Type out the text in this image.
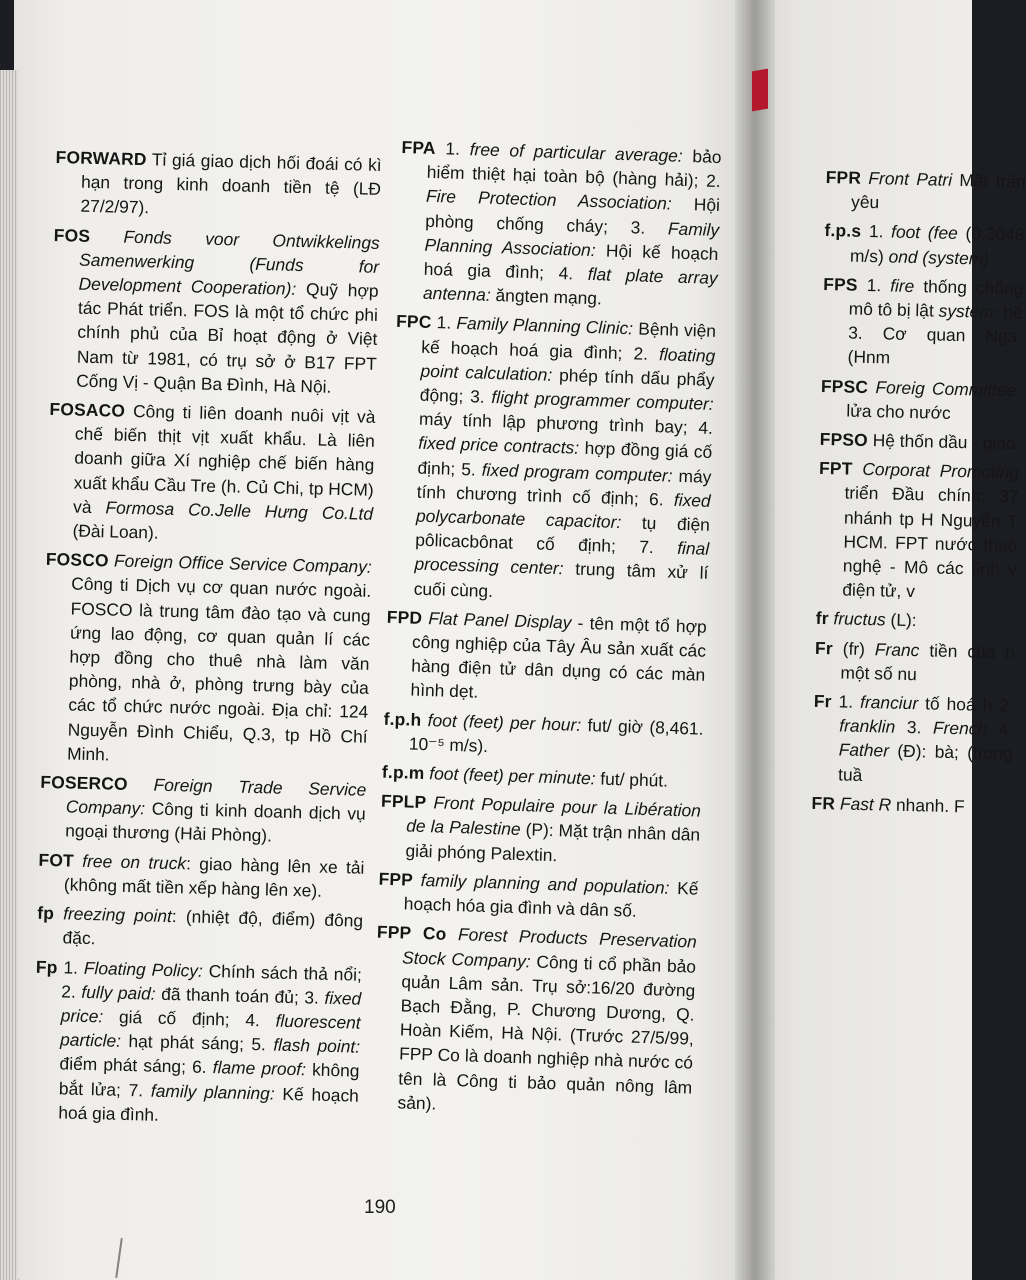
FORWARD Tỉ giá giao dịch hối đoái có kì hạn trong kinh doanh tiền tệ (LĐ 27/2/97).

FOS Fonds voor Ontwikkelings Samenwerking (Funds for Development Cooperation): Quỹ hợp tác Phát triển. FOS là một tổ chức phi chính phủ của Bỉ hoạt động ở Việt Nam từ 1981, có trụ sở ở B17 FPT Cống Vị - Quận Ba Đình, Hà Nội.

FOSACO Công ti liên doanh nuôi vịt và chế biến thịt vịt xuất khẩu. Là liên doanh giữa Xí nghiệp chế biến hàng xuất khẩu Cầu Tre (h. Củ Chi, tp HCM) và Formosa Co.Jelle Hưng Co.Ltd (Đài Loan).

FOSCO Foreign Office Service Company: Công ti Dịch vụ cơ quan nước ngoài. FOSCO là trung tâm đào tạo và cung ứng lao động, cơ quan quản lí các hợp đồng cho thuê nhà làm văn phòng, nhà ở, phòng trưng bày của các tổ chức nước ngoài. Địa chỉ: 124 Nguyễn Đình Chiểu, Q.3, tp Hồ Chí Minh.

FOSERCO Foreign Trade Service Company: Công ti kinh doanh dịch vụ ngoại thương (Hải Phòng).

FOT free on truck: giao hàng lên xe tải (không mất tiền xếp hàng lên xe).

fp freezing point: (nhiệt độ, điểm) đông đặc.

Fp 1. Floating Policy: Chính sách thả nổi; 2. fully paid: đã thanh toán đủ; 3. fixed price: giá cố định; 4. fluorescent particle: hạt phát sáng; 5. flash point: điểm phát sáng; 6. flame proof: không bắt lửa; 7. family planning: Kế hoạch hoá gia đình.

FPA 1. free of particular average: bảo hiểm thiệt hại toàn bộ (hàng hải); 2. Fire Protection Association: Hội phòng chống cháy; 3. Family Planning Association: Hội kế hoạch hoá gia đình; 4. flat plate array antenna: ăngten mạng.

FPC 1. Family Planning Clinic: Bệnh viện kế hoạch hoá gia đình; 2. floating point calculation: phép tính dấu phẩy động; 3. flight programmer computer: máy tính lập phương trình bay; 4. fixed price contracts: hợp đồng giá cố định; 5. fixed program computer: máy tính chương trình cố định; 6. fixed polycarbonate capacitor: tụ điện pôlicacbônat cố định; 7. final processing center: trung tâm xử lí cuối cùng.

FPD Flat Panel Display - tên một tổ hợp công nghiệp của Tây Âu sản xuất các hàng điện tử dân dụng có các màn hình dẹt.

f.p.h foot (feet) per hour: fut/ giờ (8,461. 10⁻⁵ m/s).

f.p.m foot (feet) per minute: fut/ phút.

FPLP Front Populaire pour la Libération de la Palestine (P): Mặt trận nhân dân giải phóng Palextin.

FPP family planning and population: Kế hoạch hóa gia đình và dân số.

FPP Co Forest Products Preservation Stock Company: Công ti cổ phần bảo quản Lâm sản. Trụ sở:16/20 đường Bạch Đằng, P. Chương Dương, Q. Hoàn Kiếm, Hà Nội. (Trước 27/5/99, FPP Co là doanh nghiệp nhà nước có tên là Công ti bảo quản nông lâm sản).

FPR Front Patri Mặt trận yêu

f.p.s 1. foot (fee (0,3048 m/s) ond (system)

FPS 1. fire thống chống mô tô bị lật system: hệ 3. Cơ quan Nga. (Hnm

FPSC Foreig Committee: lửa cho nước

FPSO Hệ thốn dầu - giao

FPT Corporat Promoting triển Đầu chính: 37 nhánh tp H Nguyễn T HCM. FPT nước thuộ nghệ - Mô các lĩnh v điện tử, v

fr fructus (L):

Fr (fr) Franc tiền của n một số nu

Fr 1. franciur tố hoá h 2. franklin 3. French 4. Father (Đ): bà; (trong tuầ

FR Fast R nhanh. F

190
